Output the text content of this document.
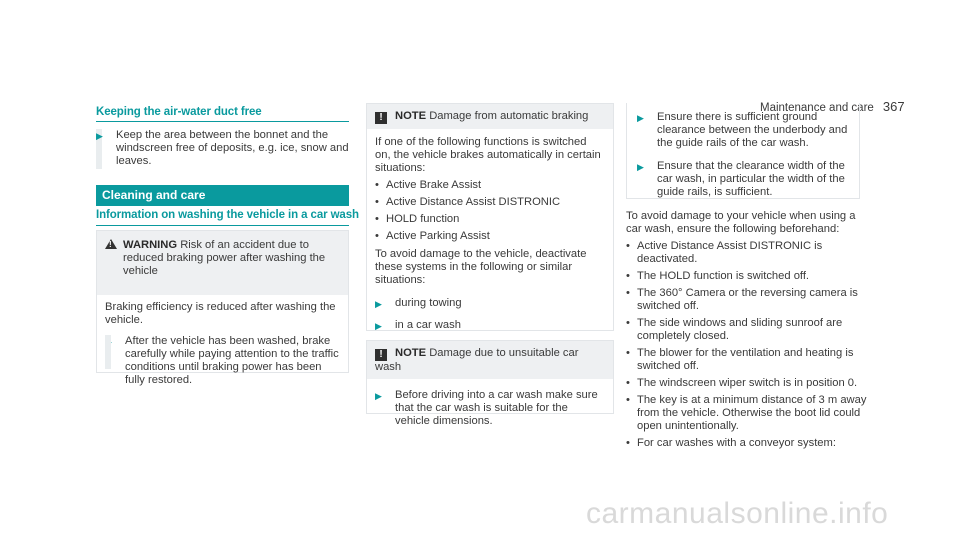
Maintenance and care 367
Keeping the air-water duct free
▶	Keep the area between the bonnet and the windscreen free of deposits, e.g. ice, snow and leaves.
Cleaning and care
Information on washing the vehicle in a car wash
!
WARNING Risk of an accident due to reduced braking power after washing the vehicle
Braking efficiency is reduced after washing the vehicle.
After the vehicle has been washed, brake carefully while paying attention to the traffic conditions until braking power has been fully restored.
! NOTE Damage from automatic braking
If one of the following functions is switched on, the vehicle brakes automatically in certain situations:
• Active Brake Assist
• Active Distance Assist DISTRONIC
• HOLD function
• Active Parking Assist
To avoid damage to the vehicle, deactivate these systems in the following or similar situations:
▶	during towing
▶	in a car wash
! NOTE Damage due to unsuitable car wash
▶	Before driving into a car wash make sure that the car wash is suitable for the vehicle dimensions.
▶	Ensure there is sufficient ground clearance between the underbody and the guide rails of the car wash.
▶	Ensure that the clearance width of the car wash, in particular the width of the guide rails, is sufficient.
To avoid damage to your vehicle when using a car wash, ensure the following beforehand:
• Active Distance Assist DISTRONIC is deactivated.
• The HOLD function is switched off.
• The 360° Camera or the reversing camera is switched off.
• The side windows and sliding sunroof are completely closed.
• The blower for the ventilation and heating is switched off.
• The windscreen wiper switch is in position 0.
• The key is at a minimum distance of 3 m away from the vehicle. Otherwise the boot lid could open unintentionally.
• For car washes with a conveyor system:
carmanualsonline.info
